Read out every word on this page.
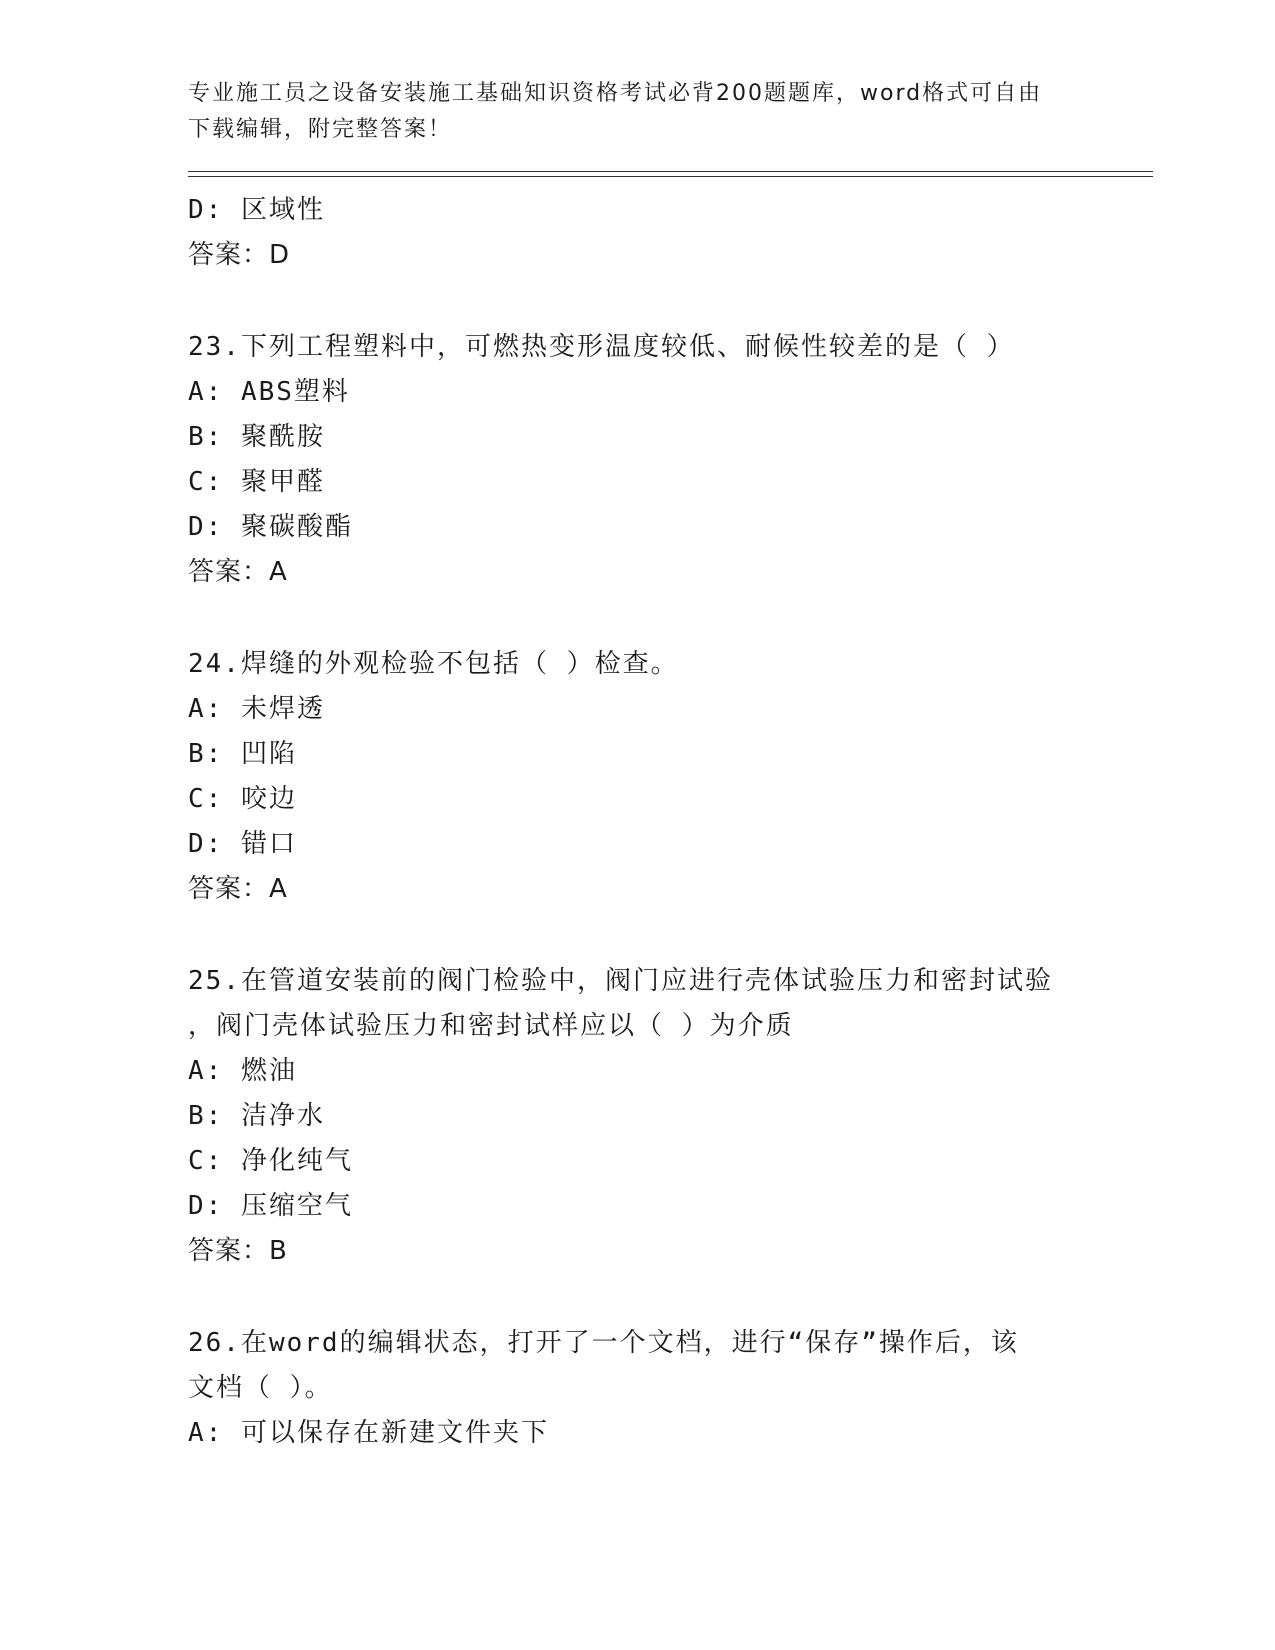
专业施工员之设备安装施工基础知识资格考试必背200题题库，word格式可自由
下载编辑，附完整答案！
D: 区域性
答案：D
23.下列工程塑料中，可燃热变形温度较低、耐候性较差的是（ ）
A: ABS塑料
B: 聚酰胺
C: 聚甲醛
D: 聚碳酸酯
答案：A
24.焊缝的外观检验不包括（ ）检查。
A: 未焊透
B: 凹陷
C: 咬边
D: 错口
答案：A
25.在管道安装前的阀门检验中，阀门应进行壳体试验压力和密封试验
，阀门壳体试验压力和密封试样应以（ ）为介质
A: 燃油
B: 洁净水
C: 净化纯气
D: 压缩空气
答案：B
26.在word的编辑状态，打开了一个文档，进行“保存”操作后，该
文档（ ）。
A: 可以保存在新建文件夹下
